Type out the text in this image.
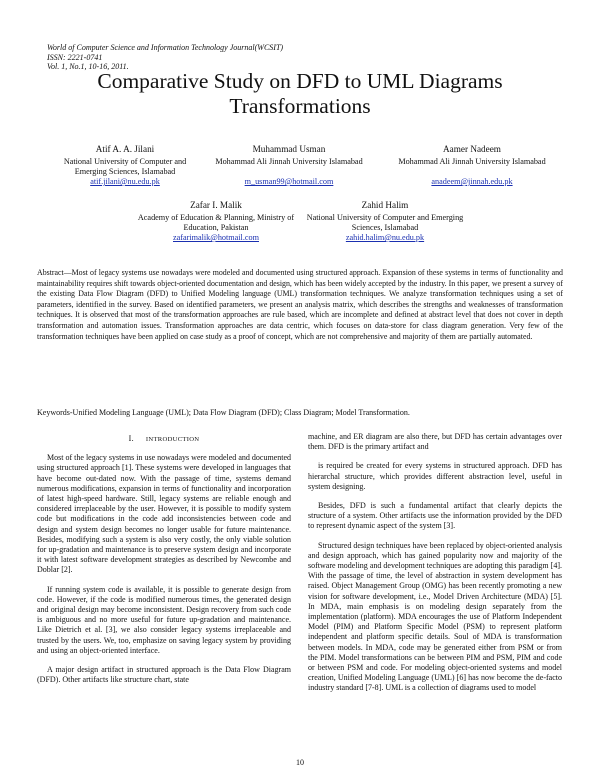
World of Computer Science and Information Technology Journal(WCSIT)
ISSN: 2221-0741
Vol. 1, No.1, 10-16, 2011.
Comparative Study on DFD to UML Diagrams
Transformations
Atif A. A. Jilani
National University of Computer and Emerging Sciences, Islamabad
atif.jilani@nu.edu.pk
Muhammad Usman
Mohammad Ali Jinnah University Islamabad
m_usman99@hotmail.com
Aamer Nadeem
Mohammad Ali Jinnah University Islamabad
anadeem@jinnah.edu.pk
Zafar I. Malik
Academy of Education & Planning, Ministry of Education, Pakistan
zafarimalik@hotmail.com
Zahid Halim
National University of Computer and Emerging Sciences, Islamabad
zahid.halim@nu.edu.pk
Abstract—Most of legacy systems use nowadays were modeled and documented using structured approach. Expansion of these systems in terms of functionality and maintainability requires shift towards object-oriented documentation and design, which has been widely accepted by the industry. In this paper, we present a survey of the existing Data Flow Diagram (DFD) to Unified Modeling language (UML) transformation techniques. We analyze transformation techniques using a set of parameters, identified in the survey. Based on identified parameters, we present an analysis matrix, which describes the strengths and weaknesses of transformation techniques. It is observed that most of the transformation approaches are rule based, which are incomplete and defined at abstract level that does not cover in depth transformation and automation issues. Transformation approaches are data centric, which focuses on data-store for class diagram generation. Very few of the transformation techniques have been applied on case study as a proof of concept, which are not comprehensive and majority of them are partially automated.
Keywords-Unified Modeling Language (UML); Data Flow Diagram (DFD); Class Diagram; Model Transformation.
I. INTRODUCTION

Most of the legacy systems in use nowadays were modeled and documented using structured approach [1]. These systems were developed in languages that have become out-dated now. With the passage of time, systems demand numerous modifications, expansion in terms of functionality and incorporation of latest high-speed hardware. Still, legacy systems are reliable enough and considered irreplaceable by the user. However, it is possible to modify system code but modifications in the code add inconsistencies between code and design and system design becomes no longer usable for future maintenance. Besides, modifying such a system is also very costly, the only viable solution for up-gradation and maintenance is to preserve system design and incorporate it with latest software development strategies as described by Newcombe and Doblar [2].

If running system code is available, it is possible to generate design from code. However, if the code is modified numerous times, the generated design and original design may become inconsistent. Design recovery from such code is ambiguous and no more useful for future up-gradation and maintenance. Like Dietrich et al. [3], we also consider legacy systems irreplaceable and trusted by the users. We, too, emphasize on saving legacy system by providing and using an object-oriented interface.

A major design artifact in structured approach is the Data Flow Diagram (DFD). Other artifacts like structure chart, state

machine, and ER diagram are also there, but DFD has certain advantages over them. DFD is the primary artifact and

is required be created for every systems in structured approach. DFD has hierarchal structure, which provides different abstraction level, useful in system designing.

Besides, DFD is such a fundamental artifact that clearly depicts the structure of a system. Other artifacts use the information provided by the DFD to represent dynamic aspect of the system [3].

Structured design techniques have been replaced by object-oriented analysis and design approach, which has gained popularity now and majority of the software modeling and development techniques are adopting this paradigm [4]. With the passage of time, the level of abstraction in system development has raised. Object Management Group (OMG) has been recently promoting a new vision for software development, i.e., Model Driven Architecture (MDA) [5]. In MDA, main emphasis is on modeling design separately from the implementation (platform). MDA encourages the use of Platform Independent Model (PIM) and Platform Specific Model (PSM) to represent platform independent and platform specific details. Soul of MDA is transformation between models. In MDA, code may be generated either from PSM or from the PIM. Model transformations can be between PIM and PSM, PIM and code or between PSM and code. For modeling object-oriented systems and model creation, Unified Modeling Language (UML) [6] has now become the de-facto industry standard [7-8]. UML is a collection of diagrams used to model

10
